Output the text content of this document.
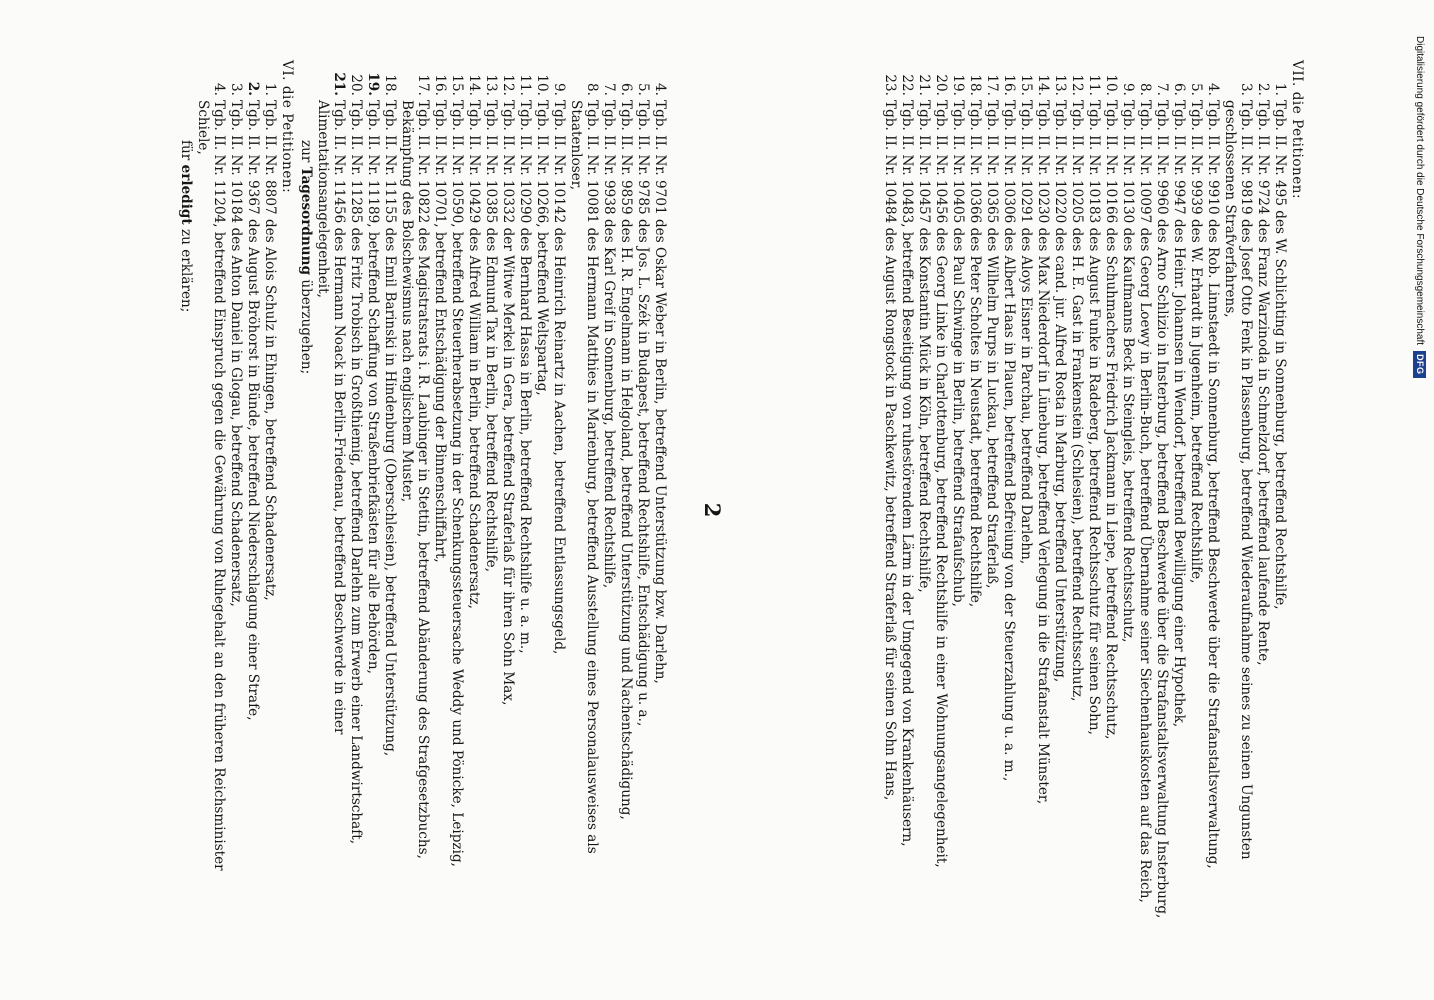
VII. die Petitionen:
1.
Tgb. II. Nr. 495 des W. Schlichting in Sonnenburg, betreffend Rechtshilfe,
2.
Tgb. II. Nr. 9724 des Franz Warzinoda in Schmelzdorf, betreffend laufende Rente,
3.
Tgb. II. Nr. 9819 des Josef Otto Fenk in Plassenburg, betreffend Wiederaufnahme seines zu seinen Ungunsten geschlossenen Strafverfahrens,
4.
Tgb. II. Nr. 9910 des Rob. Linnstaedt in Sonnenburg, betreffend Beschwerde über die Strafanstaltsverwaltung,
5.
Tgb. II. Nr. 9939 des W. Erhardt in Jugenheim, betreffend Rechtshilfe,
6.
Tgb. II. Nr. 9947 des Heinr. Johannsen in Wendorf, betreffend Bewilligung einer Hypothek,
7.
Tgb. II. Nr. 9960 des Arno Schlizio in Insterburg, betreffend Beschwerde über die Strafanstaltsverwaltung Insterburg,
8.
Tgb. II. Nr. 10097 des Georg Loewy in Berlin-Buch, betreffend Übernahme seiner Siechenhauskosten auf das Reich,
9.
Tgb. II. Nr. 10130 des Kaufmanns Beck in Steingleis, betreffend Rechtsschutz,
10.
Tgb. II. Nr. 10166 des Schuhmachers Friedrich Jackmann in Liepe, betreffend Rechtsschutz,
11.
Tgb. II. Nr. 10183 des August Funke in Radeberg, betreffend Rechtsschutz für seinen Sohn,
12.
Tgb. II. Nr. 10205 des H. E. Gast in Frankenstein (Schlesien), betreffend Rechtsschutz,
13.
Tgb. II. Nr. 10220 des cand. jur. Alfred Rosta in Marburg, betreffend Unterstützung,
14.
Tgb. II. Nr. 10230 des Max Niederdorf in Lüneburg, betreffend Verlegung in die Strafanstalt Münster,
15.
Tgb. II. Nr. 10291 des Aloys Eisner in Parchau, betreffend Darlehn,
16.
Tgb. II. Nr. 10306 des Albert Haas in Plauen, betreffend Befreiung von der Steuerzahlung u. a. m.,
17.
Tgb. II. Nr. 10365 des Wilhelm Purps in Luckau, betreffend Straferlaß,
18.
Tgb. II. Nr. 10366 des Peter Scholtes in Neustadt, betreffend Rechtshilfe,
19.
Tgb. II. Nr. 10405 des Paul Schwinge in Berlin, betreffend Strafaufschub,
20.
Tgb. II. Nr. 10456 des Georg Linke in Charlottenburg, betreffend Rechtshilfe in einer Wohnungsangelegenheit,
21.
Tgb. II. Nr. 10457 des Konstantin Mück in Köln, betreffend Rechtshilfe,
22.
Tgb. II. Nr. 10483, betreffend Beseitigung von ruhestörendem Lärm in der Umgegend von Krankenhäusern,
23.
Tgb. II. Nr. 10484 des August Rongstock in Paschkewitz, betreffend Straferlaß für seinen Sohn Hans,
2
4.
Tgb. II. Nr. 9701 des Oskar Weber in Berlin, betreffend Unterstützung bzw. Darlehn,
5.
Tgb. II. Nr. 9785 des Jos. L. Szék in Budapest, betreffend Rechtshilfe, Entschädigung u. a.,
6.
Tgb. II. Nr. 9859 des H. R. Engelmann in Helgoland, betreffend Unterstützung und Nachentschädigung,
7.
Tgb. II. Nr. 9938 des Karl Greif in Sonnenburg, betreffend Rechtshilfe,
8.
Tgb. II. Nr. 10081 des Hermann Matthies in Marienburg, betreffend Ausstellung eines Personalausweises als Staatenloser,
9.
Tgb. II. Nr. 10142 des Heinrich Reinartz in Aachen, betreffend Entlassungsgeld,
10.
Tgb. II. Nr. 10266, betreffend Weltspartag,
11.
Tgb. II. Nr. 10290 des Bernhard Hassa in Berlin, betreffend Rechtshilfe u. a. m.,
12.
Tgb. II. Nr. 10332 der Witwe Merkel in Gera, betreffend Straferlaß für ihren Sohn Max,
13.
Tgb. II. Nr. 10385 des Edmund Tax in Berlin, betreffend Rechtshilfe,
14.
Tgb. II. Nr. 10429 des Alfred William in Berlin, betreffend Schadenersatz,
15.
Tgb. II. Nr. 10590, betreffend Steuerherabsetzung in der Schenkungssteuersache Weddy und Pönicke, Leipzig,
16.
Tgb. II. Nr. 10701, betreffend Entschädigung der Binnenschiffahrt,
17.
Tgb. II. Nr. 10822 des Magistratsrats i. R. Laubinger in Stettin, betreffend Abänderung des Strafgesetzbuchs, Bekämpfung des Bolschewismus nach englischem Muster,
18.
Tgb. II. Nr. 11155 des Emil Barinski in Hindenburg (Oberschlesien), betreffend Unterstützung,
19.
Tgb. II. Nr. 11189, betreffend Schaffung von Straßenbriefkästen für alle Behörden,
20.
Tgb. II. Nr. 11285 des Fritz Trobisch in Großthiemig, betreffend Darlehn zum Erwerb einer Landwirtschaft,
21.
Tgb. II. Nr. 11456 des Hermann Noack in Berlin-Friedenau, betreffend Beschwerde in einer Alimentationsangelegenheit,
zur Tagesordnung überzugehen;
VI. die Petitionen:
1.
Tgb. II. Nr. 8807 des Alois Schulz in Ehingen, betreffend Schadenersatz,
2.
Tgb. II. Nr. 9367 des August Bröhorst in Bünde, betreffend Niederschlagung einer Strafe,
3.
Tgb. II. Nr. 10184 des Anton Daniel in Glogau, betreffend Schadenersatz,
4.
Tgb. II. Nr. 11204, betreffend Einspruch gegen die Gewährung von Ruhegehalt an den früheren Reichsminister Schiele,
für erledigt zu erklären;	Digitalisierung gefördert durch die Deutsche Forschungsgemeinschaft
DFG
